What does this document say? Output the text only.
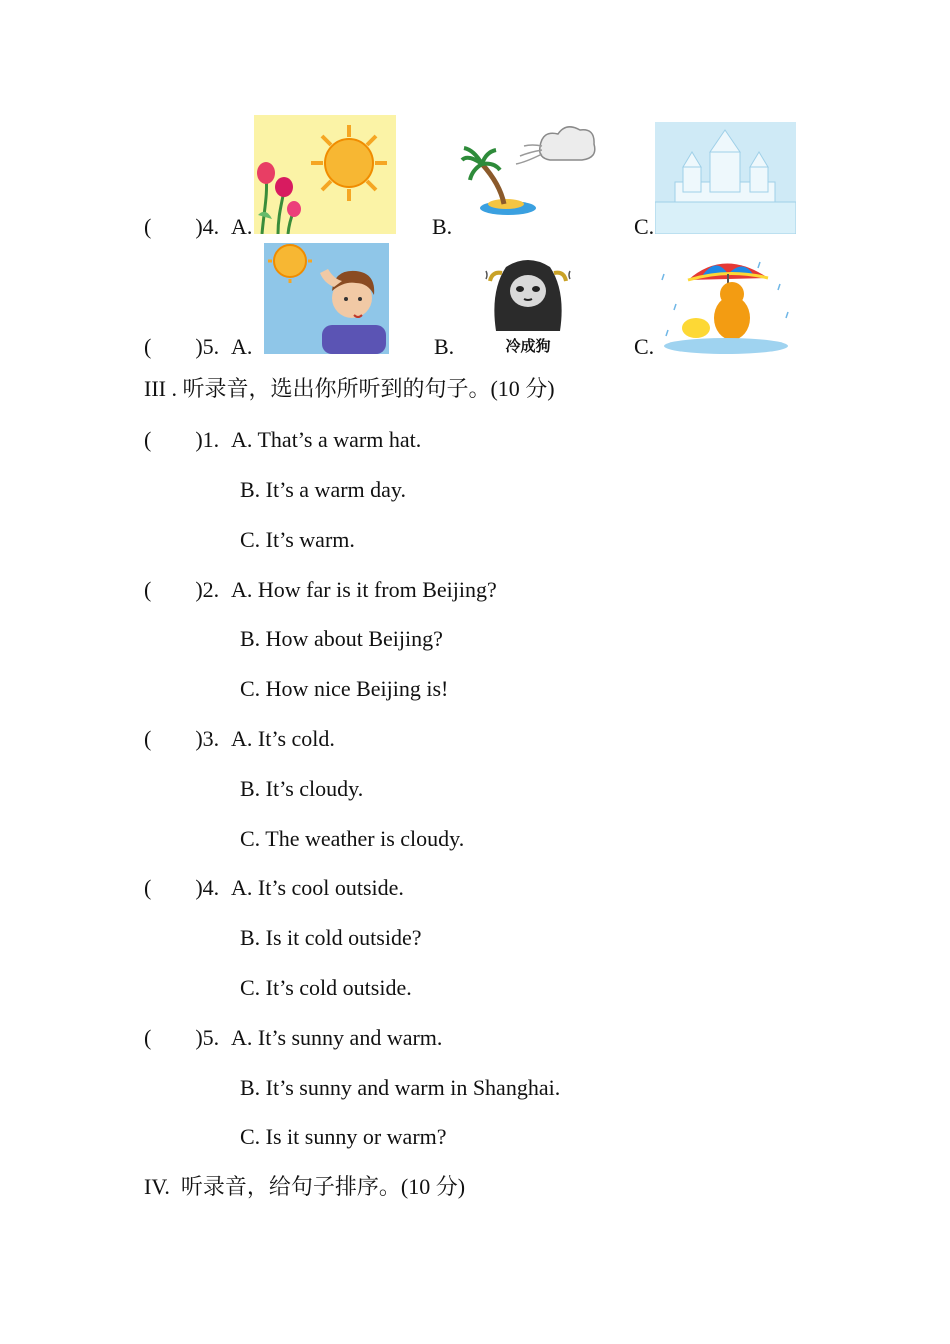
(        )4. A.	B.	C.
(        )5. A.	B.	冷成狗	C.
III . 听录音，选出你所听到的句子。(10 分)
(        )1. A. That’s a warm hat.
B. It’s a warm day.
C. It’s warm.
(        )2. A. How far is it from Beijing?
B. How about Beijing?
C. How nice Beijing is!
(        )3. A. It’s cold.
B. It’s cloudy.
C. The weather is cloudy.
(        )4. A. It’s cool outside.
B. Is it cold outside?
C. It’s cold outside.
(        )5. A. It’s sunny and warm.
B. It’s sunny and warm in Shanghai.
C. Is it sunny or warm?
IV.  听录音，给句子排序。(10 分)
